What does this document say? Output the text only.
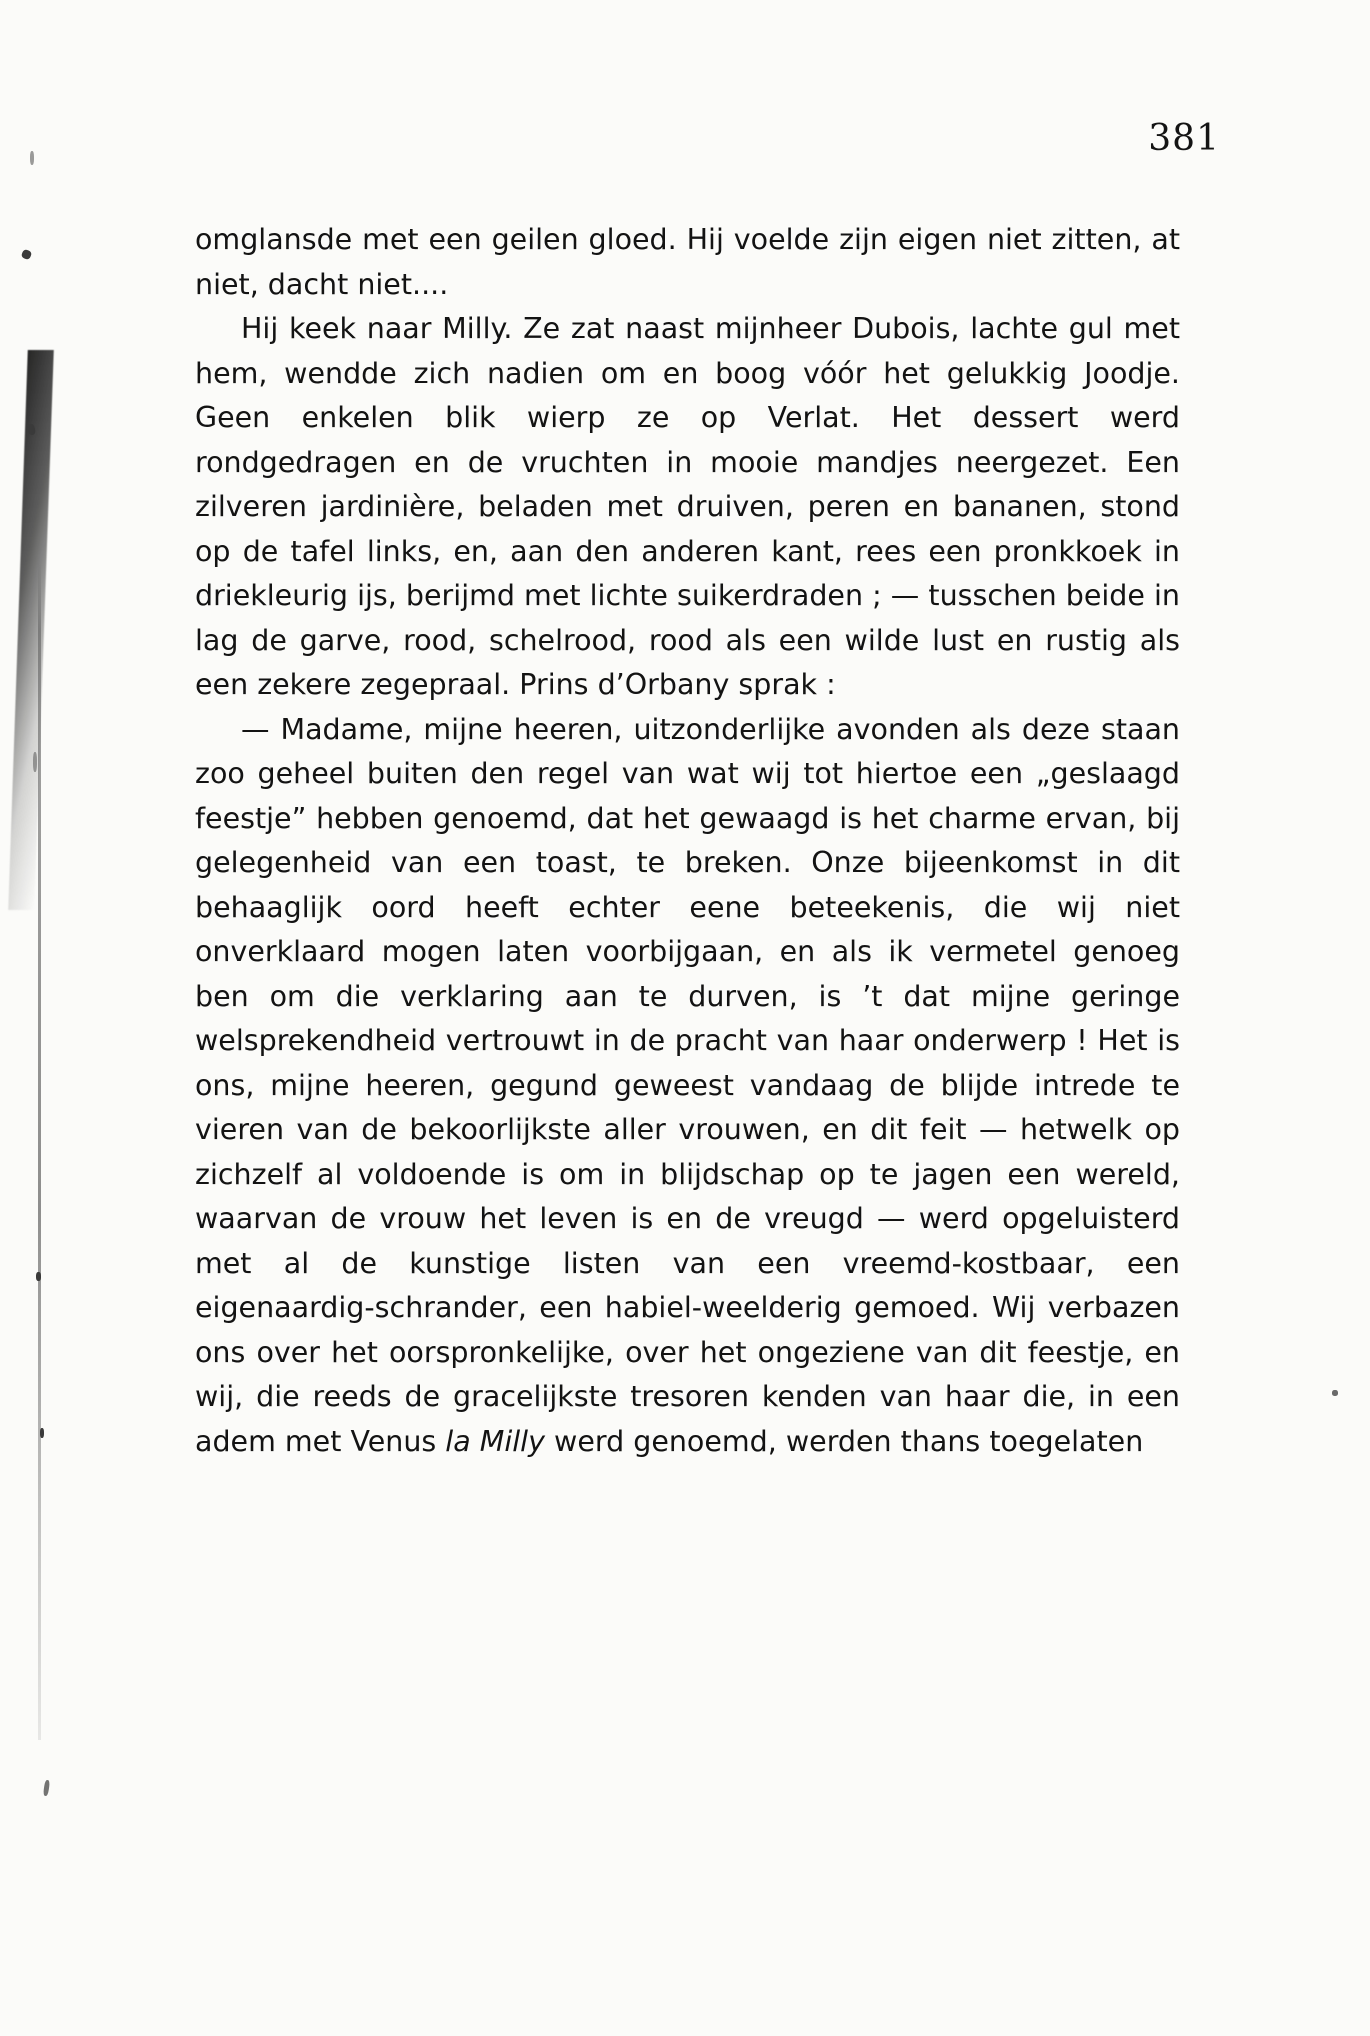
381

omglansde met een geilen gloed. Hij voelde zijn eigen niet zitten, at niet, dacht niet....

Hij keek naar Milly. Ze zat naast mijnheer Dubois, lachte gul met hem, wendde zich nadien om en boog vóór het gelukkig Joodje. Geen enkelen blik wierp ze op Verlat. Het dessert werd rondgedragen en de vruchten in mooie mandjes neergezet. Een zilveren jardinière, beladen met druiven, peren en bananen, stond op de tafel links, en, aan den anderen kant, rees een pronkkoek in driekleurig ijs, berijmd met lichte suikerdraden ; — tusschen beide in lag de garve, rood, schelrood, rood als een wilde lust en rustig als een zekere zegepraal. Prins d’Orbany sprak :

— Madame, mijne heeren, uitzonderlijke avonden als deze staan zoo geheel buiten den regel van wat wij tot hiertoe een „geslaagd feestje” hebben genoemd, dat het gewaagd is het charme ervan, bij gelegenheid van een toast, te breken. Onze bijeenkomst in dit behaaglijk oord heeft echter eene beteekenis, die wij niet onverklaard mogen laten voorbijgaan, en als ik vermetel genoeg ben om die verklaring aan te durven, is ’t dat mijne geringe welsprekendheid vertrouwt in de pracht van haar onderwerp ! Het is ons, mijne heeren, gegund geweest vandaag de blijde intrede te vieren van de bekoorlijkste aller vrouwen, en dit feit — hetwelk op zichzelf al voldoende is om in blijdschap op te jagen een wereld, waarvan de vrouw het leven is en de vreugd — werd opgeluisterd met al de kunstige listen van een vreemd-kostbaar, een eigenaardig-schrander, een habiel-weelderig gemoed. Wij verbazen ons over het oorspronkelijke, over het ongeziene van dit feestje, en wij, die reeds de gracelijkste tresoren kenden van haar die, in een adem met Venus la Milly werd genoemd, werden thans toegelaten
